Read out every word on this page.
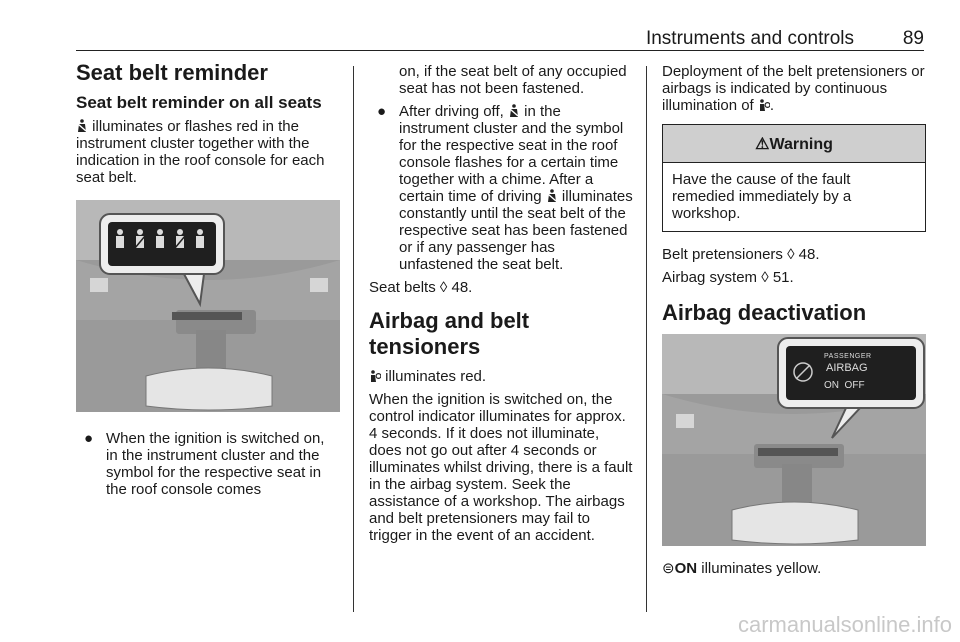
Instruments and controls	89
Seat belt reminder
Seat belt reminder on all seats

illuminates or flashes red in the instrument cluster together with the indication in the roof console for each seat belt.

● When the ignition is switched on, in the instrument cluster and the symbol for the respective seat in the roof console comes
on, if the seat belt of any occupied seat has not been fastened.
● After driving off, in the instrument cluster and the symbol for the respective seat in the roof console flashes for a certain time together with a chime. After a certain time of driving illuminates constantly until the seat belt of the respective seat has been fastened or if any passenger has unfastened the seat belt.

Seat belts ◊ 48.

Airbag and belt tensioners

illuminates red.

When the ignition is switched on, the control indicator illuminates for approx. 4 seconds. If it does not illuminate, does not go out after 4 seconds or illuminates whilst driving, there is a fault in the airbag system. Seek the assistance of a workshop. The airbags and belt pretensioners may fail to trigger in the event of an accident.

Deployment of the belt pretensioners or airbags is indicated by continuous illumination of .

⚠Warning
Have the cause of the fault remedied immediately by a workshop.

Belt pretensioners ◊ 48.

Airbag system ◊ 51.

Airbag deactivation
PASSENGER
AIRBAG
ON  OFF

⊜ON illuminates yellow.

carmanualsonline.info
